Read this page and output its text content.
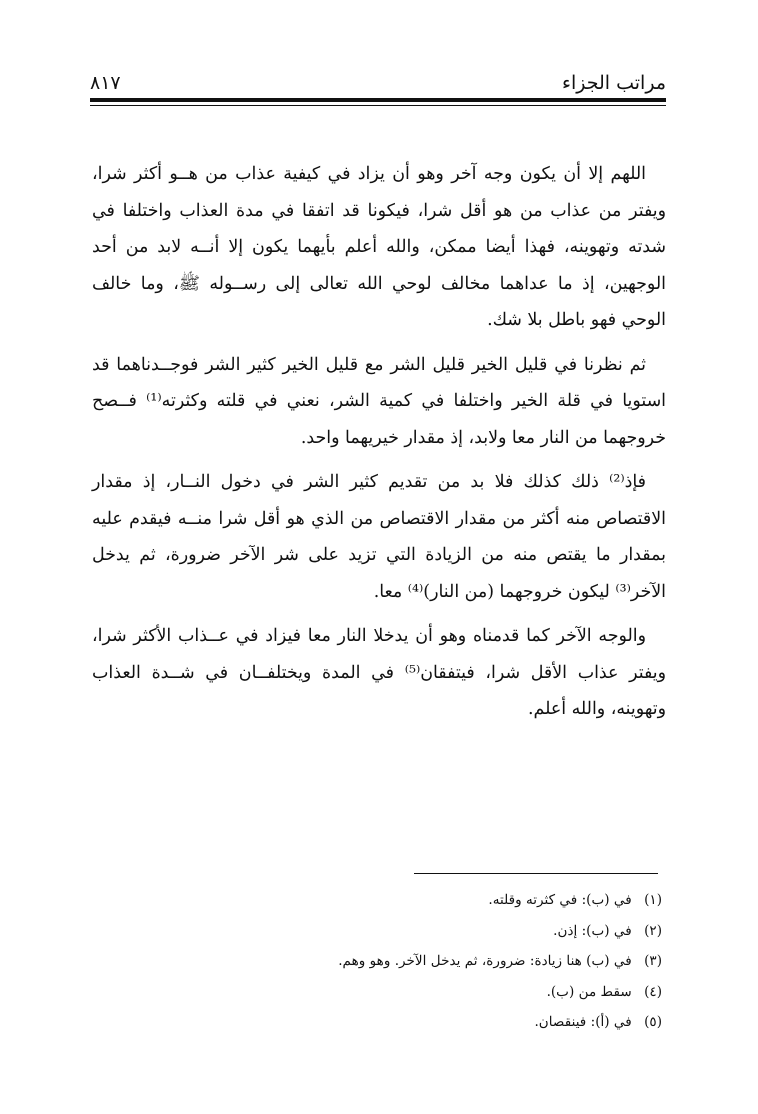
مراتب الجزاء
٨١٧

اللهم إلا أن يكون وجه آخر وهو أن يزاد في كيفية عذاب من هــو أكثر شرا، ويفتر من عذاب من هو أقل شرا، فيكونا قد اتفقا في مدة العذاب واختلفا في شدته وتهوينه، فهذا أيضا ممكن، والله أعلم بأيهما يكون إلا أنــه لابد من أحد الوجهين، إذ ما عداهما مخالف لوحي الله تعالى إلى رســوله ﷺ، وما خالف الوحي فهو باطل بلا شك.

ثم نظرنا في قليل الخير قليل الشر مع قليل الخير كثير الشر فوجــدناهما قد استويا في قلة الخير واختلفا في كمية الشر، نعني في قلته وكثرته⁽¹⁾ فــصح خروجهما من النار معا ولابد، إذ مقدار خيريهما واحد.

فإذ⁽²⁾ ذلك كذلك فلا بد من تقديم كثير الشر في دخول النــار، إذ مقدار الاقتصاص منه أكثر من مقدار الاقتصاص من الذي هو أقل شرا منــه فيقدم عليه بمقدار ما يقتص منه من الزيادة التي تزيد على شر الآخر ضرورة، ثم يدخل الآخر⁽³⁾ ليكون خروجهما (من النار)⁽⁴⁾ معا.

والوجه الآخر كما قدمناه وهو أن يدخلا النار معا فيزاد في عــذاب الأكثر شرا، ويفتر عذاب الأقل شرا، فيتفقان⁽⁵⁾ في المدة ويختلفــان في شــدة العذاب وتهوينه، والله أعلم.

(١) في (ب): في كثرته وقلته.
(٢) في (ب): إذن.
(٣) في (ب) هنا زيادة: ضرورة، ثم يدخل الآخر. وهو وهم.
(٤) سقط من (ب).
(٥) في (أ): فينقصان.
